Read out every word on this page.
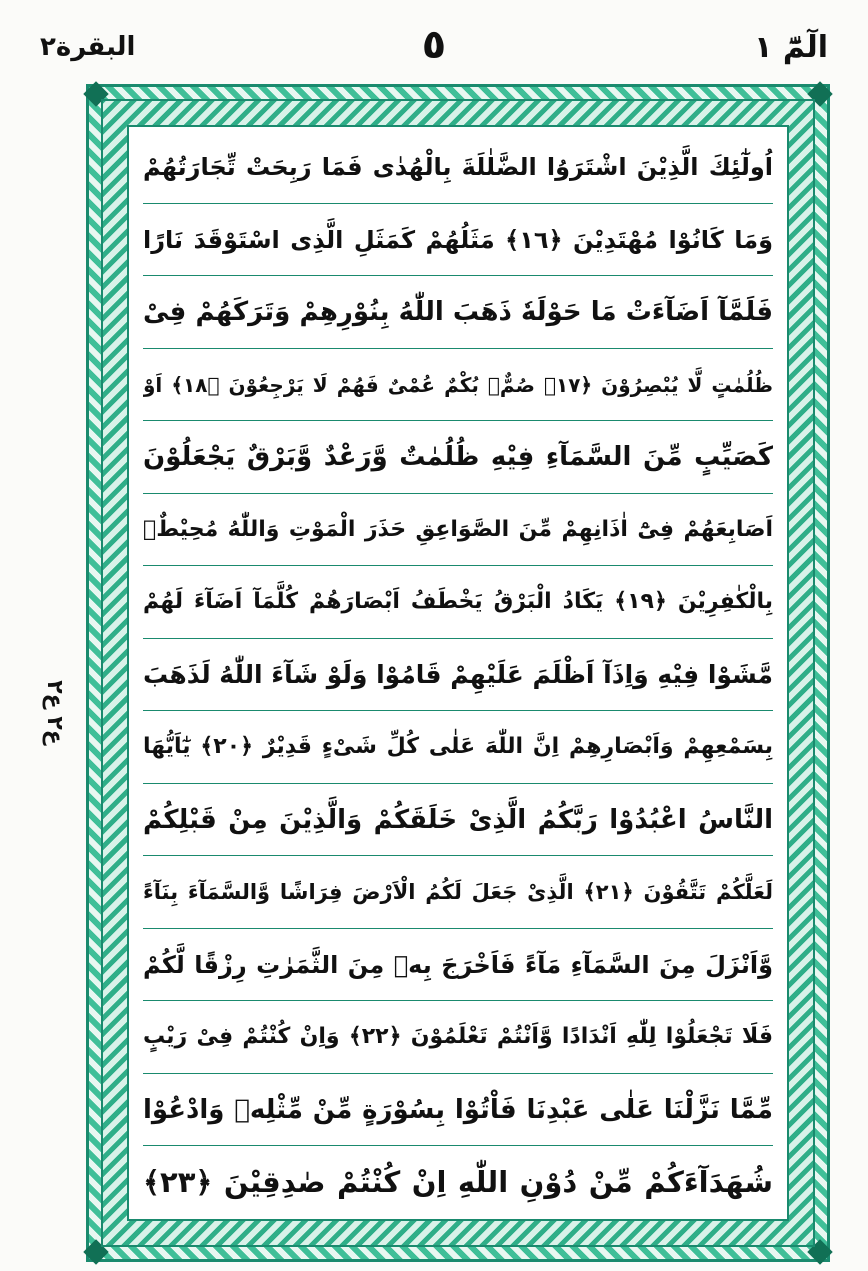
الٓمّٓ ١
٥
البقرة٢
ع٢ ع٢
اُولٰٓئِكَ الَّذِيْنَ اشْتَرَوُا الضَّلٰلَةَ بِالْهُدٰى فَمَا رَبِحَتْ تِّجَارَتُهُمْ
وَمَا كَانُوْا مُهْتَدِيْنَ ﴿١٦﴾ مَثَلُهُمْ كَمَثَلِ الَّذِى اسْتَوْقَدَ نَارًا
فَلَمَّآ اَضَآءَتْ مَا حَوْلَهٗ ذَهَبَ اللّٰهُ بِنُوْرِهِمْ وَتَرَكَهُمْ فِىْ
ظُلُمٰتٍ لَّا يُبْصِرُوْنَ ﴿١٧﴾ صُمٌّۢ بُكْمٌ عُمْىٌ فَهُمْ لَا يَرْجِعُوْنَ ﴿١٨﴾ اَوْ
كَصَيِّبٍ مِّنَ السَّمَآءِ فِيْهِ ظُلُمٰتٌ وَّرَعْدٌ وَّبَرْقٌ يَجْعَلُوْنَ
اَصَابِعَهُمْ فِىْٓ اٰذَانِهِمْ مِّنَ الصَّوَاعِقِ حَذَرَ الْمَوْتِ وَاللّٰهُ مُحِيْطٌۢ
بِالْكٰفِرِيْنَ ﴿١٩﴾ يَكَادُ الْبَرْقُ يَخْطَفُ اَبْصَارَهُمْ كُلَّمَآ اَضَآءَ لَهُمْ
مَّشَوْا فِيْهِ وَاِذَآ اَظْلَمَ عَلَيْهِمْ قَامُوْا وَلَوْ شَآءَ اللّٰهُ لَذَهَبَ
بِسَمْعِهِمْ وَاَبْصَارِهِمْ اِنَّ اللّٰهَ عَلٰى كُلِّ شَىْءٍ قَدِيْرٌ ﴿٢٠﴾ يٰٓاَيُّهَا
النَّاسُ اعْبُدُوْا رَبَّكُمُ الَّذِىْ خَلَقَكُمْ وَالَّذِيْنَ مِنْ قَبْلِكُمْ
لَعَلَّكُمْ تَتَّقُوْنَ ﴿٢١﴾ الَّذِىْ جَعَلَ لَكُمُ الْاَرْضَ فِرَاشًا وَّالسَّمَآءَ بِنَآءً
وَّاَنْزَلَ مِنَ السَّمَآءِ مَآءً فَاَخْرَجَ بِهٖ مِنَ الثَّمَرٰتِ رِزْقًا لَّكُمْ
فَلَا تَجْعَلُوْا لِلّٰهِ اَنْدَادًا وَّاَنْتُمْ تَعْلَمُوْنَ ﴿٢٢﴾ وَاِنْ كُنْتُمْ فِىْ رَيْبٍ
مِّمَّا نَزَّلْنَا عَلٰى عَبْدِنَا فَاْتُوْا بِسُوْرَةٍ مِّنْ مِّثْلِهٖ وَادْعُوْا
شُهَدَآءَكُمْ مِّنْ دُوْنِ اللّٰهِ اِنْ كُنْتُمْ صٰدِقِيْنَ ﴿٢٣﴾
